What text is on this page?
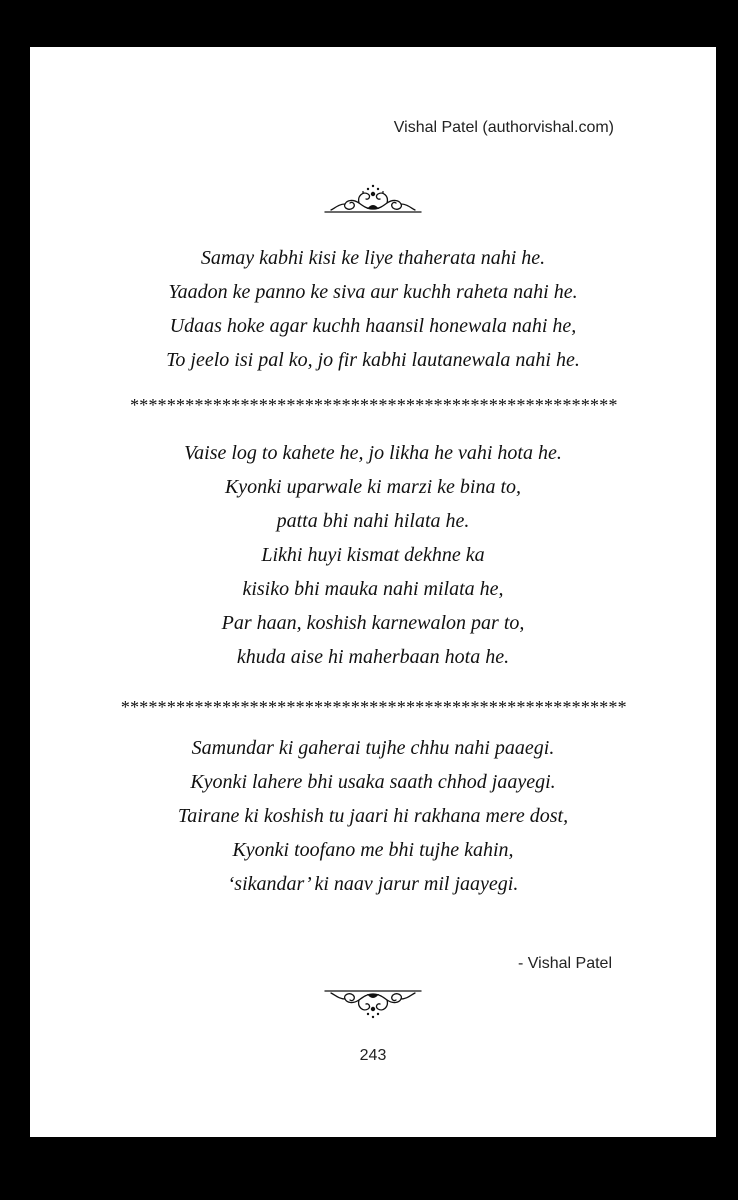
Vishal Patel (authorvishal.com)
Samay kabhi kisi ke liye thaherata nahi he.
Yaadon ke panno ke siva aur kuchh raheta nahi he.
Udaas hoke agar kuchh haansil honewala nahi he,
To jeelo isi pal ko, jo fir kabhi lautanewala nahi he.
*****************************************************
Vaise log to kahete he, jo likha he vahi hota he.
Kyonki uparwale ki marzi ke bina to,
patta bhi nahi hilata he.
Likhi huyi kismat dekhne ka
kisiko bhi mauka nahi milata he,
Par haan, koshish karnewalon par to,
khuda aise hi maherbaan hota he.
*******************************************************
Samundar ki gaherai tujhe chhu nahi paaegi.
Kyonki lahere bhi usaka saath chhod jaayegi.
Tairane ki koshish tu jaari hi rakhana mere dost,
Kyonki toofano me bhi tujhe kahin,
‘sikandar’ ki naav jarur mil jaayegi.
- Vishal Patel
243
